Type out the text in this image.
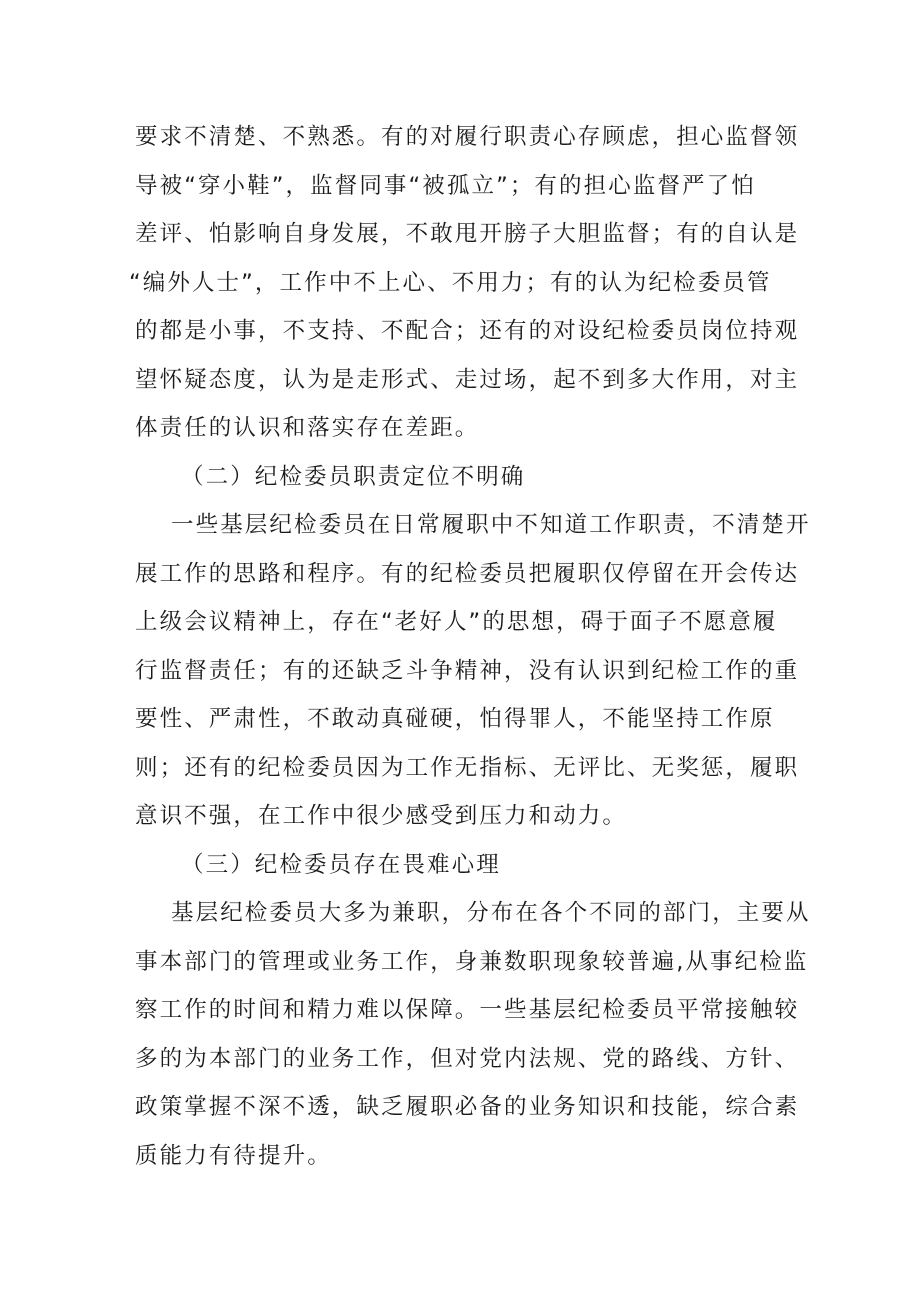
要求不清楚、不熟悉。有的对履行职责心存顾虑，担心监督领
导被“穿小鞋”，监督同事“被孤立”；有的担心监督严了怕
差评、怕影响自身发展，不敢甩开膀子大胆监督；有的自认是
“编外人士”，工作中不上心、不用力；有的认为纪检委员管
的都是小事，不支持、不配合；还有的对设纪检委员岗位持观
望怀疑态度，认为是走形式、走过场，起不到多大作用，对主
体责任的认识和落实存在差距。
（二）纪检委员职责定位不明确
一些基层纪检委员在日常履职中不知道工作职责，不清楚开
展工作的思路和程序。有的纪检委员把履职仅停留在开会传达
上级会议精神上，存在“老好人”的思想，碍于面子不愿意履
行监督责任；有的还缺乏斗争精神，没有认识到纪检工作的重
要性、严肃性，不敢动真碰硬，怕得罪人，不能坚持工作原
则；还有的纪检委员因为工作无指标、无评比、无奖惩，履职
意识不强，在工作中很少感受到压力和动力。
（三）纪检委员存在畏难心理
基层纪检委员大多为兼职，分布在各个不同的部门，主要从
事本部门的管理或业务工作，身兼数职现象较普遍,从事纪检监
察工作的时间和精力难以保障。一些基层纪检委员平常接触较
多的为本部门的业务工作，但对党内法规、党的路线、方针、
政策掌握不深不透，缺乏履职必备的业务知识和技能，综合素
质能力有待提升。
